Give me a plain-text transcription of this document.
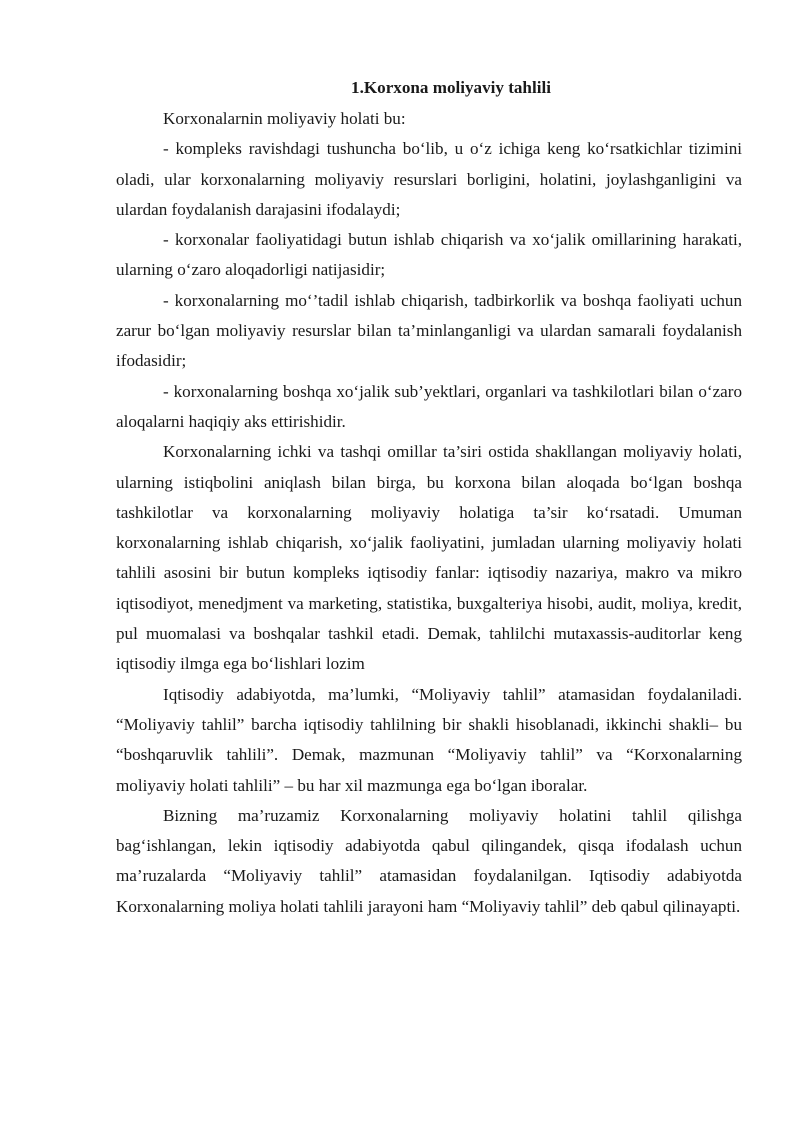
1.Korxona moliyaviy tahlili

Korxonalarnin moliyaviy holati bu:

- kompleks ravishdagi tushuncha bo‘lib, u o‘z ichiga keng ko‘rsatkichlar tizimini oladi, ular korxonalarning moliyaviy resurslari borligini, holatini, joylashganligini va ulardan foydalanish darajasini ifodalaydi;

- korxonalar faoliyatidagi butun ishlab chiqarish va xo‘jalik omillarining harakati, ularning o‘zaro aloqadorligi natijasidir;

- korxonalarning mo‘’tadil ishlab chiqarish, tadbirkorlik va boshqa faoliyati uchun zarur bo‘lgan moliyaviy resurslar bilan ta’minlanganligi va ulardan samarali foydalanish ifodasidir;

- korxonalarning boshqa xo‘jalik sub’yektlari, organlari va tashkilotlari bilan o‘zaro aloqalarni haqiqiy aks ettirishidir.

Korxonalarning ichki va tashqi omillar ta’siri ostida shakllangan moliyaviy holati, ularning istiqbolini aniqlash bilan birga, bu korxona bilan aloqada bo‘lgan boshqa tashkilotlar va korxonalarning moliyaviy holatiga ta’sir ko‘rsatadi. Umuman korxonalarning ishlab chiqarish, xo‘jalik faoliyatini, jumladan ularning moliyaviy holati tahlili asosini bir butun kompleks iqtisodiy fanlar: iqtisodiy nazariya, makro va mikro iqtisodiyot, menedjment va marketing, statistika, buxgalteriya hisobi, audit, moliya, kredit, pul muomalasi va boshqalar tashkil etadi. Demak, tahlilchi mutaxassis-auditorlar keng iqtisodiy ilmga ega bo‘lishlari lozim

Iqtisodiy adabiyotda, ma’lumki, “Moliyaviy tahlil” atamasidan foydalaniladi. “Moliyaviy tahlil” barcha iqtisodiy tahlilning bir shakli hisoblanadi, ikkinchi shakli– bu “boshqaruvlik tahlili”. Demak, mazmunan “Moliyaviy tahlil” va “Korxonalarning moliyaviy holati tahlili” – bu har xil mazmunga ega bo‘lgan iboralar.

Bizning ma’ruzamiz Korxonalarning moliyaviy holatini tahlil qilishga bag‘ishlangan, lekin iqtisodiy adabiyotda qabul qilingandek, qisqa ifodalash uchun ma’ruzalarda “Moliyaviy tahlil” atamasidan foydalanilgan. Iqtisodiy adabiyotda Korxonalarning moliya holati tahlili jarayoni ham “Moliyaviy tahlil” deb qabul qilinayapti.
